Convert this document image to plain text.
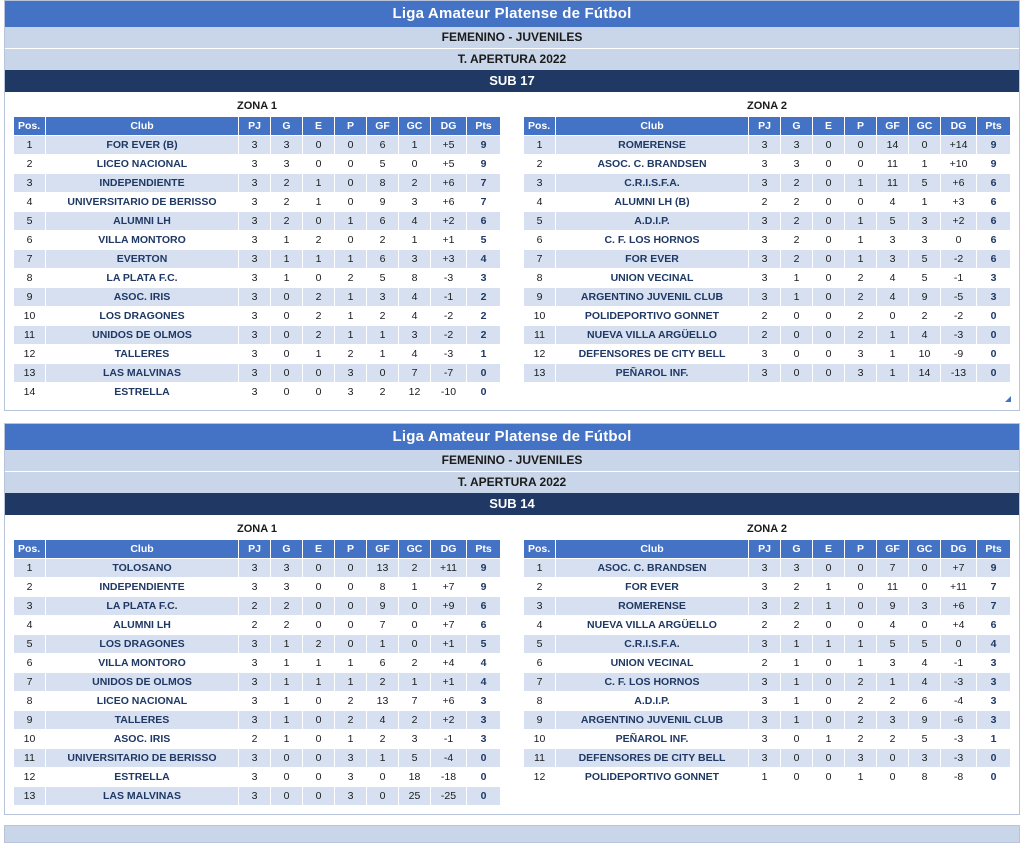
Liga Amateur Platense de Fútbol
FEMENINO - JUVENILES
T. APERTURA 2022
SUB 17
ZONA 1
Pos.	Club	PJ	G	E	P	GF	GC	DG	Pts
1	FOR EVER (B)	3	3	0	0	6	1	+5	9
2	LICEO NACIONAL	3	3	0	0	5	0	+5	9
3	INDEPENDIENTE	3	2	1	0	8	2	+6	7
4	UNIVERSITARIO DE BERISSO	3	2	1	0	9	3	+6	7
5	ALUMNI LH	3	2	0	1	6	4	+2	6
6	VILLA MONTORO	3	1	2	0	2	1	+1	5
7	EVERTON	3	1	1	1	6	3	+3	4
8	LA PLATA F.C.	3	1	0	2	5	8	-3	3
9	ASOC. IRIS	3	0	2	1	3	4	-1	2
10	LOS DRAGONES	3	0	2	1	2	4	-2	2
11	UNIDOS DE OLMOS	3	0	2	1	1	3	-2	2
12	TALLERES	3	0	1	2	1	4	-3	1
13	LAS MALVINAS	3	0	0	3	0	7	-7	0
14	ESTRELLA	3	0	0	3	2	12	-10	0
ZONA 2
Pos.	Club	PJ	G	E	P	GF	GC	DG	Pts
1	ROMERENSE	3	3	0	0	14	0	+14	9
2	ASOC. C. BRANDSEN	3	3	0	0	11	1	+10	9
3	C.R.I.S.F.A.	3	2	0	1	11	5	+6	6
4	ALUMNI LH (B)	2	2	0	0	4	1	+3	6
5	A.D.I.P.	3	2	0	1	5	3	+2	6
6	C. F. LOS HORNOS	3	2	0	1	3	3	0	6
7	FOR EVER	3	2	0	1	3	5	-2	6
8	UNION VECINAL	3	1	0	2	4	5	-1	3
9	ARGENTINO JUVENIL CLUB	3	1	0	2	4	9	-5	3
10	POLIDEPORTIVO GONNET	2	0	0	2	0	2	-2	0
11	NUEVA VILLA ARGÜELLO	2	0	0	2	1	4	-3	0
12	DEFENSORES DE CITY BELL	3	0	0	3	1	10	-9	0
13	PEÑAROL INF.	3	0	0	3	1	14	-13	0
Liga Amateur Platense de Fútbol
FEMENINO - JUVENILES
T. APERTURA 2022
SUB 14
ZONA 1
Pos.	Club	PJ	G	E	P	GF	GC	DG	Pts
1	TOLOSANO	3	3	0	0	13	2	+11	9
2	INDEPENDIENTE	3	3	0	0	8	1	+7	9
3	LA PLATA F.C.	2	2	0	0	9	0	+9	6
4	ALUMNI LH	2	2	0	0	7	0	+7	6
5	LOS DRAGONES	3	1	2	0	1	0	+1	5
6	VILLA MONTORO	3	1	1	1	6	2	+4	4
7	UNIDOS DE OLMOS	3	1	1	1	2	1	+1	4
8	LICEO NACIONAL	3	1	0	2	13	7	+6	3
9	TALLERES	3	1	0	2	4	2	+2	3
10	ASOC. IRIS	2	1	0	1	2	3	-1	3
11	UNIVERSITARIO DE BERISSO	3	0	0	3	1	5	-4	0
12	ESTRELLA	3	0	0	3	0	18	-18	0
13	LAS MALVINAS	3	0	0	3	0	25	-25	0
ZONA 2
Pos.	Club	PJ	G	E	P	GF	GC	DG	Pts
1	ASOC. C. BRANDSEN	3	3	0	0	7	0	+7	9
2	FOR EVER	3	2	1	0	11	0	+11	7
3	ROMERENSE	3	2	1	0	9	3	+6	7
4	NUEVA VILLA ARGÜELLO	2	2	0	0	4	0	+4	6
5	C.R.I.S.F.A.	3	1	1	1	5	5	0	4
6	UNION VECINAL	2	1	0	1	3	4	-1	3
7	C. F. LOS HORNOS	3	1	0	2	1	4	-3	3
8	A.D.I.P.	3	1	0	2	2	6	-4	3
9	ARGENTINO JUVENIL CLUB	3	1	0	2	3	9	-6	3
10	PEÑAROL INF.	3	0	1	2	2	5	-3	1
11	DEFENSORES DE CITY BELL	3	0	0	3	0	3	-3	0
12	POLIDEPORTIVO GONNET	1	0	0	1	0	8	-8	0
